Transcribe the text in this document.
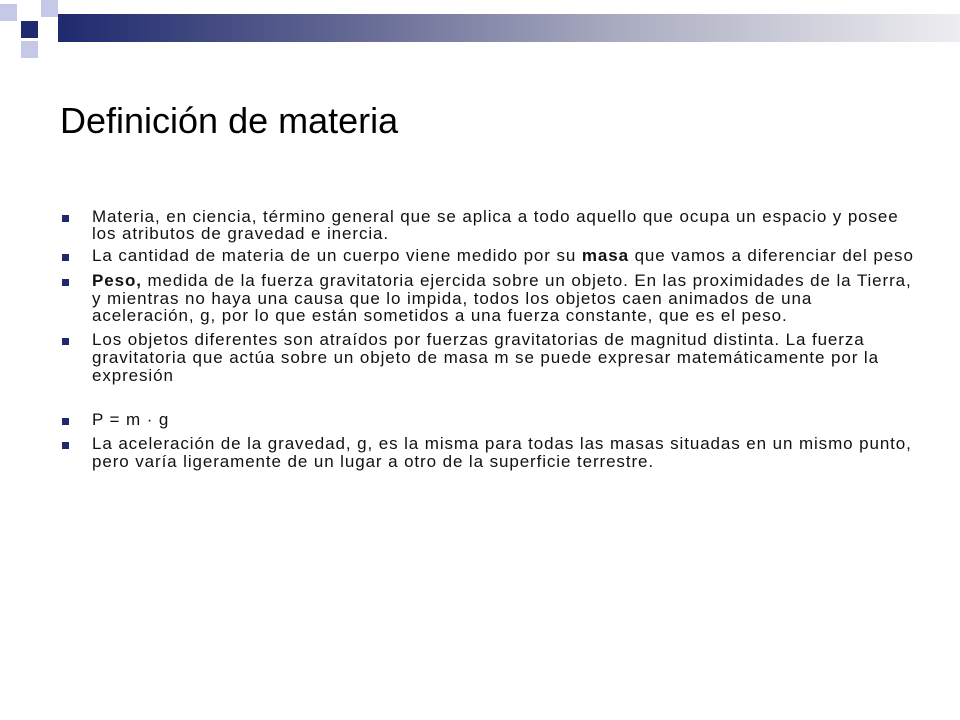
Definición de materia
Materia, en ciencia, término general que se aplica a todo aquello que ocupa un espacio y posee
los atributos de gravedad e inercia.
La cantidad de materia de un cuerpo viene medido por su masa que vamos a diferenciar del peso
Peso, medida de la fuerza gravitatoria ejercida sobre un objeto. En las proximidades de la Tierra,
y mientras no haya una causa que lo impida, todos los objetos caen animados de una
aceleración, g, por lo que están sometidos a una fuerza constante, que es el peso.
Los objetos diferentes son atraídos por fuerzas gravitatorias de magnitud distinta. La fuerza
gravitatoria que actúa sobre un objeto de masa m se puede expresar matemáticamente por la
expresión
P = m · g
La aceleración de la gravedad, g, es la misma para todas las masas situadas en un mismo punto,
pero varía ligeramente de un lugar a otro de la superficie terrestre.
